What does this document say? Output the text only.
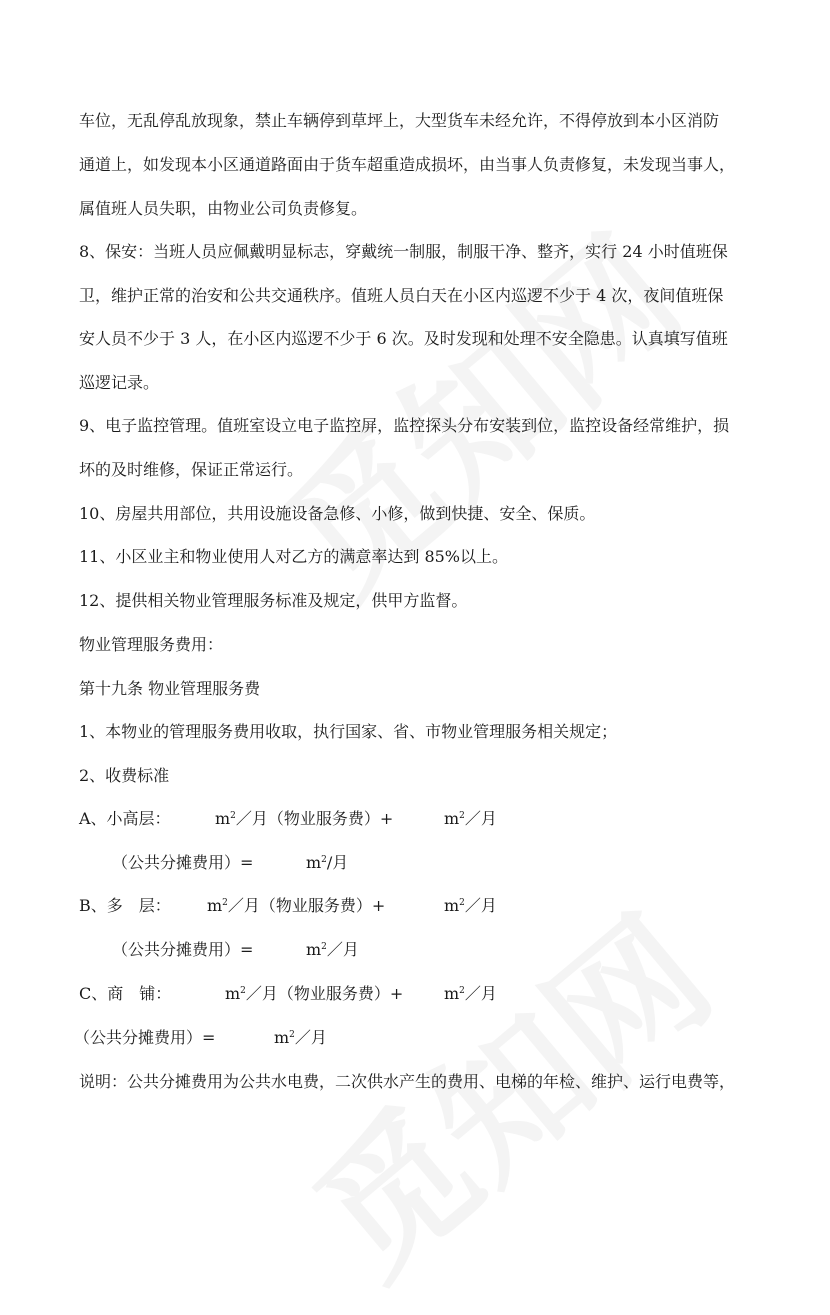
车位，无乱停乱放现象，禁止车辆停到草坪上，大型货车未经允许，不得停放到本小区消防
通道上，如发现本小区通道路面由于货车超重造成损坏，由当事人负责修复，未发现当事人，
属值班人员失职，由物业公司负责修复。
8、保安：当班人员应佩戴明显标志，穿戴统一制服，制服干净、整齐，实行 24 小时值班保
卫，维护正常的治安和公共交通秩序。值班人员白天在小区内巡逻不少于 4 次，夜间值班保
安人员不少于 3 人，在小区内巡逻不少于 6 次。及时发现和处理不安全隐患。认真填写值班
巡逻记录。
9、电子监控管理。值班室设立电子监控屏，监控探头分布安装到位，监控设备经常维护，损
坏的及时维修，保证正常运行。
10、房屋共用部位，共用设施设备急修、小修，做到快捷、安全、保质。
11、小区业主和物业使用人对乙方的满意率达到 85%以上。
12、提供相关物业管理服务标准及规定，供甲方监督。
物业管理服务费用：
第十九条 物业管理服务费
1、本物业的管理服务费用收取，执行国家、省、市物业管理服务相关规定；
2、收费标准
A、小高层：	$m^2/$月（物业服务费）+	$m^2/$月
（公共分摊费用）=	$m^2/$月
B、多　层： $m^2/$月（物业服务费）+	$m^2/$月
（公共分摊费用）=	$m^2/$月
C、商　铺：	$m^2/$月（物业服务费）+	$m^2/$月
（公共分摊费用）=	$m^2/$月
说明：公共分摊费用为公共水电费，二次供水产生的费用、电梯的年检、维护、运行电费等，
